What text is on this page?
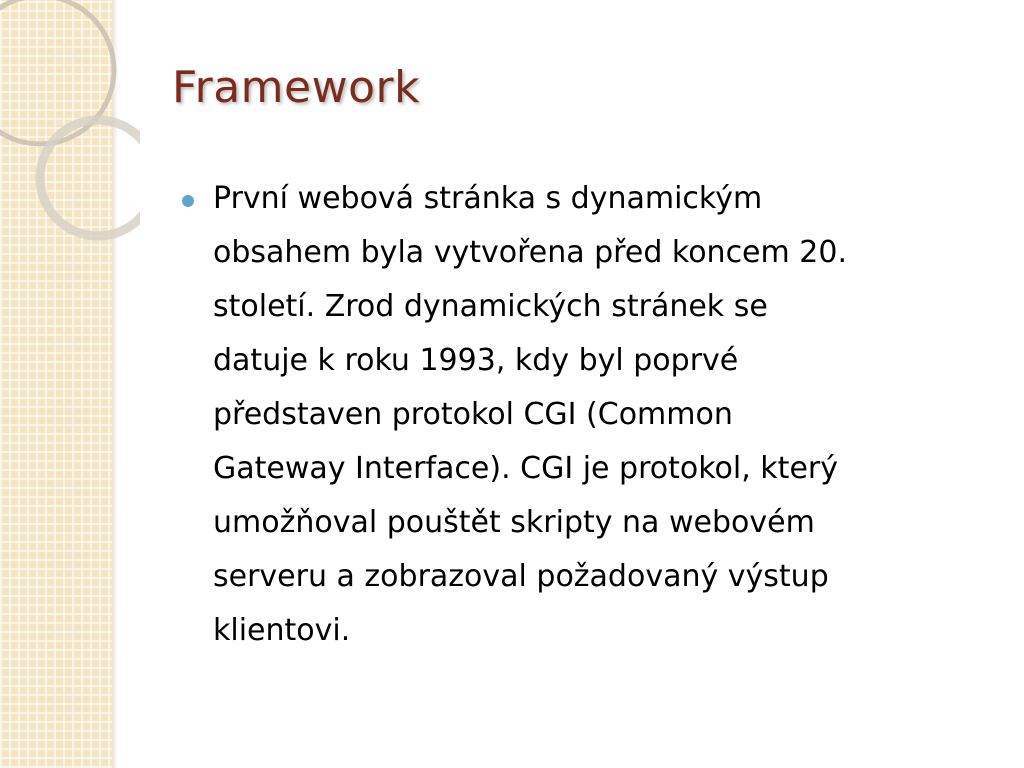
Framework
První webová stránka s dynamickým
obsahem byla vytvořena před koncem 20.
století. Zrod dynamických stránek se
datuje k roku 1993, kdy byl poprvé
představen protokol CGI (Common
Gateway Interface). CGI je protokol, který
umožňoval pouštět skripty na webovém
serveru a zobrazoval požadovaný výstup
klientovi.
